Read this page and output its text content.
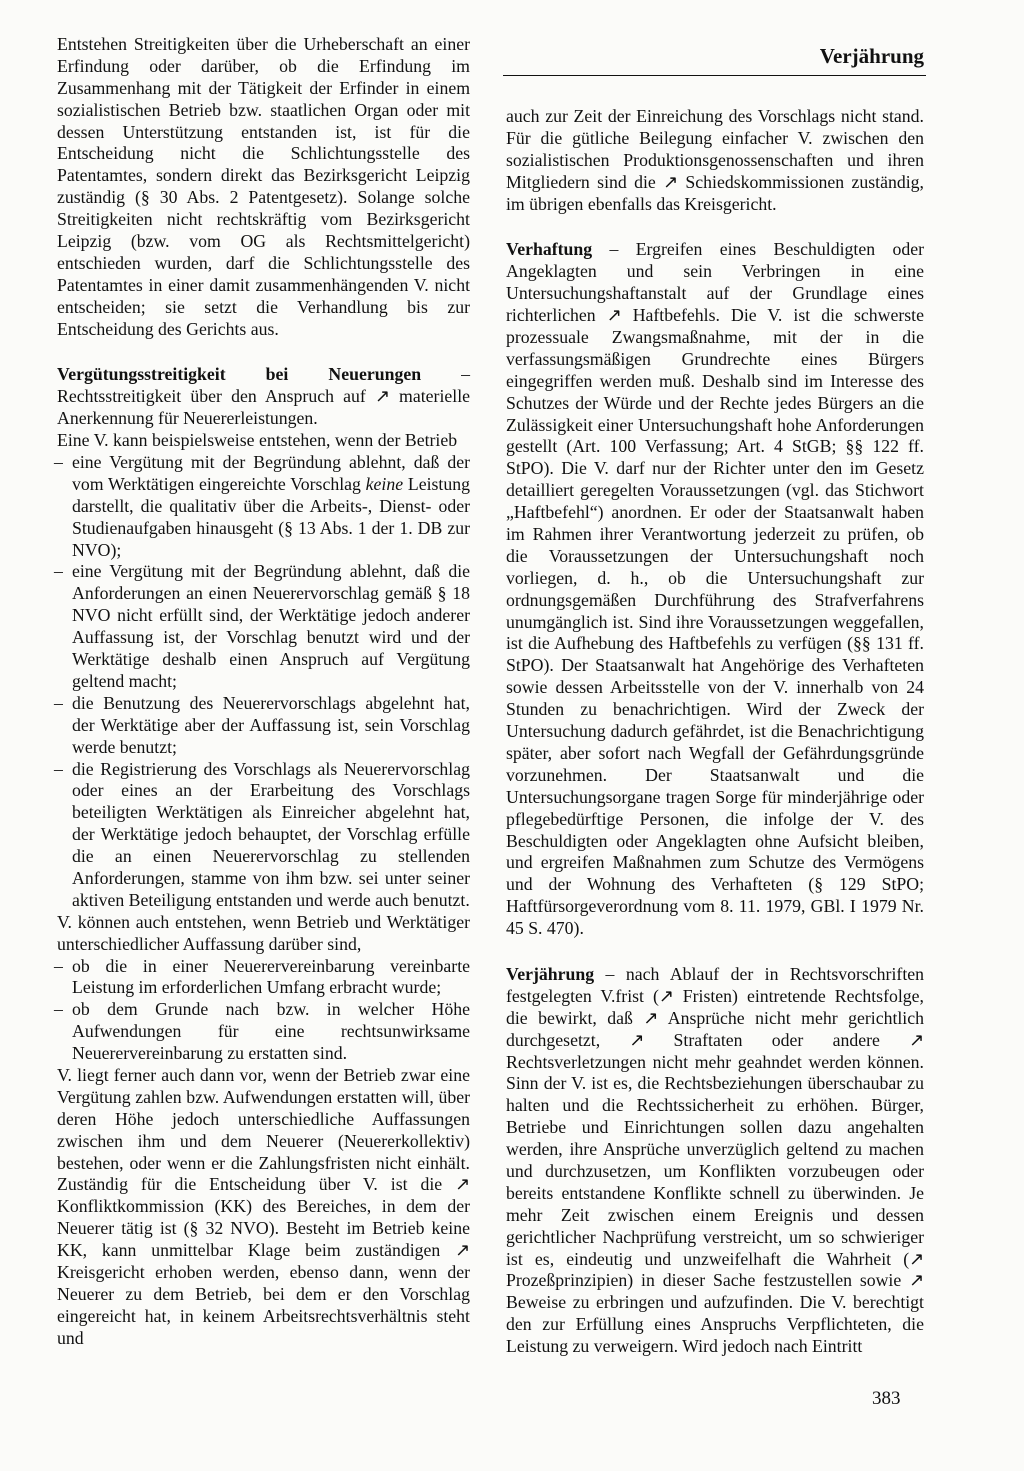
Verjährung

Entstehen Streitigkeiten über die Urheberschaft an einer Erfindung oder darüber, ob die Erfindung im Zusammenhang mit der Tätigkeit der Erfinder in einem sozialistischen Betrieb bzw. staatlichen Organ oder mit dessen Unterstützung entstanden ist, ist für die Entscheidung nicht die Schlichtungsstelle des Patentamtes, sondern direkt das Bezirksgericht Leipzig zuständig (§ 30 Abs. 2 Patentgesetz). Solange solche Streitigkeiten nicht rechtskräftig vom Bezirksgericht Leipzig (bzw. vom OG als Rechtsmittelgericht) entschieden wurden, darf die Schlichtungsstelle des Patentamtes in einer damit zusammenhängenden V. nicht entscheiden; sie setzt die Verhandlung bis zur Entscheidung des Gerichts aus.

Vergütungsstreitigkeit bei Neuerungen – Rechtsstreitigkeit über den Anspruch auf ↗ materielle Anerkennung für Neuererleistungen.

Eine V. kann beispielsweise entstehen, wenn der Betrieb

– eine Vergütung mit der Begründung ablehnt, daß der vom Werktätigen eingereichte Vorschlag keine Leistung darstellt, die qualitativ über die Arbeits-, Dienst- oder Studienaufgaben hinausgeht (§ 13 Abs. 1 der 1. DB zur NVO);
– eine Vergütung mit der Begründung ablehnt, daß die Anforderungen an einen Neuerervorschlag gemäß § 18 NVO nicht erfüllt sind, der Werktätige jedoch anderer Auffassung ist, der Vorschlag benutzt wird und der Werktätige deshalb einen Anspruch auf Vergütung geltend macht;
– die Benutzung des Neuerervorschlags abgelehnt hat, der Werktätige aber der Auffassung ist, sein Vorschlag werde benutzt;
– die Registrierung des Vorschlags als Neuerervorschlag oder eines an der Erarbeitung des Vorschlags beteiligten Werktätigen als Einreicher abgelehnt hat, der Werktätige jedoch behauptet, der Vorschlag erfülle die an einen Neuerervorschlag zu stellenden Anforderungen, stamme von ihm bzw. sei unter seiner aktiven Beteiligung entstanden und werde auch benutzt.

V. können auch entstehen, wenn Betrieb und Werktätiger unterschiedlicher Auffassung darüber sind,

– ob die in einer Neuerervereinbarung vereinbarte Leistung im erforderlichen Umfang erbracht wurde;
– ob dem Grunde nach bzw. in welcher Höhe Aufwendungen für eine rechtsunwirksame Neuerervereinbarung zu erstatten sind.

V. liegt ferner auch dann vor, wenn der Betrieb zwar eine Vergütung zahlen bzw. Aufwendungen erstatten will, über deren Höhe jedoch unterschiedliche Auffassungen zwischen ihm und dem Neuerer (Neuererkollektiv) bestehen, oder wenn er die Zahlungsfristen nicht einhält. Zuständig für die Entscheidung über V. ist die ↗ Konfliktkommission (KK) des Bereiches, in dem der Neuerer tätig ist (§ 32 NVO). Besteht im Betrieb keine KK, kann unmittelbar Klage beim zuständigen ↗ Kreisgericht erhoben werden, ebenso dann, wenn der Neuerer zu dem Betrieb, bei dem er den Vorschlag eingereicht hat, in keinem Arbeitsrechtsverhältnis steht und

auch zur Zeit der Einreichung des Vorschlags nicht stand. Für die gütliche Beilegung einfacher V. zwischen den sozialistischen Produktionsgenossenschaften und ihren Mitgliedern sind die ↗ Schiedskommissionen zuständig, im übrigen ebenfalls das Kreisgericht.

Verhaftung – Ergreifen eines Beschuldigten oder Angeklagten und sein Verbringen in eine Untersuchungshaftanstalt auf der Grundlage eines richterlichen ↗ Haftbefehls. Die V. ist die schwerste prozessuale Zwangsmaßnahme, mit der in die verfassungsmäßigen Grundrechte eines Bürgers eingegriffen werden muß. Deshalb sind im Interesse des Schutzes der Würde und der Rechte jedes Bürgers an die Zulässigkeit einer Untersuchungshaft hohe Anforderungen gestellt (Art. 100 Verfassung; Art. 4 StGB; §§ 122 ff. StPO). Die V. darf nur der Richter unter den im Gesetz detailliert geregelten Voraussetzungen (vgl. das Stichwort „Haftbefehl“) anordnen. Er oder der Staatsanwalt haben im Rahmen ihrer Verantwortung jederzeit zu prüfen, ob die Voraussetzungen der Untersuchungshaft noch vorliegen, d. h., ob die Untersuchungshaft zur ordnungsgemäßen Durchführung des Strafverfahrens unumgänglich ist. Sind ihre Voraussetzungen weggefallen, ist die Aufhebung des Haftbefehls zu verfügen (§§ 131 ff. StPO). Der Staatsanwalt hat Angehörige des Verhafteten sowie dessen Arbeitsstelle von der V. innerhalb von 24 Stunden zu benachrichtigen. Wird der Zweck der Untersuchung dadurch gefährdet, ist die Benachrichtigung später, aber sofort nach Wegfall der Gefährdungsgründe vorzunehmen. Der Staatsanwalt und die Untersuchungsorgane tragen Sorge für minderjährige oder pflegebedürftige Personen, die infolge der V. des Beschuldigten oder Angeklagten ohne Aufsicht bleiben, und ergreifen Maßnahmen zum Schutze des Vermögens und der Wohnung des Verhafteten (§ 129 StPO; Haftfürsorgeverordnung vom 8. 11. 1979, GBl. I 1979 Nr. 45 S. 470).

Verjährung – nach Ablauf der in Rechtsvorschriften festgelegten V.frist (↗ Fristen) eintretende Rechtsfolge, die bewirkt, daß ↗ Ansprüche nicht mehr gerichtlich durchgesetzt, ↗ Straftaten oder andere ↗ Rechtsverletzungen nicht mehr geahndet werden können. Sinn der V. ist es, die Rechtsbeziehungen überschaubar zu halten und die Rechtssicherheit zu erhöhen. Bürger, Betriebe und Einrichtungen sollen dazu angehalten werden, ihre Ansprüche unverzüglich geltend zu machen und durchzusetzen, um Konflikten vorzubeugen oder bereits entstandene Konflikte schnell zu überwinden. Je mehr Zeit zwischen einem Ereignis und dessen gerichtlicher Nachprüfung verstreicht, um so schwieriger ist es, eindeutig und unzweifelhaft die Wahrheit (↗ Prozeßprinzipien) in dieser Sache festzustellen sowie ↗ Beweise zu erbringen und aufzufinden. Die V. berechtigt den zur Erfüllung eines Anspruchs Verpflichteten, die Leistung zu verweigern. Wird jedoch nach Eintritt

383
